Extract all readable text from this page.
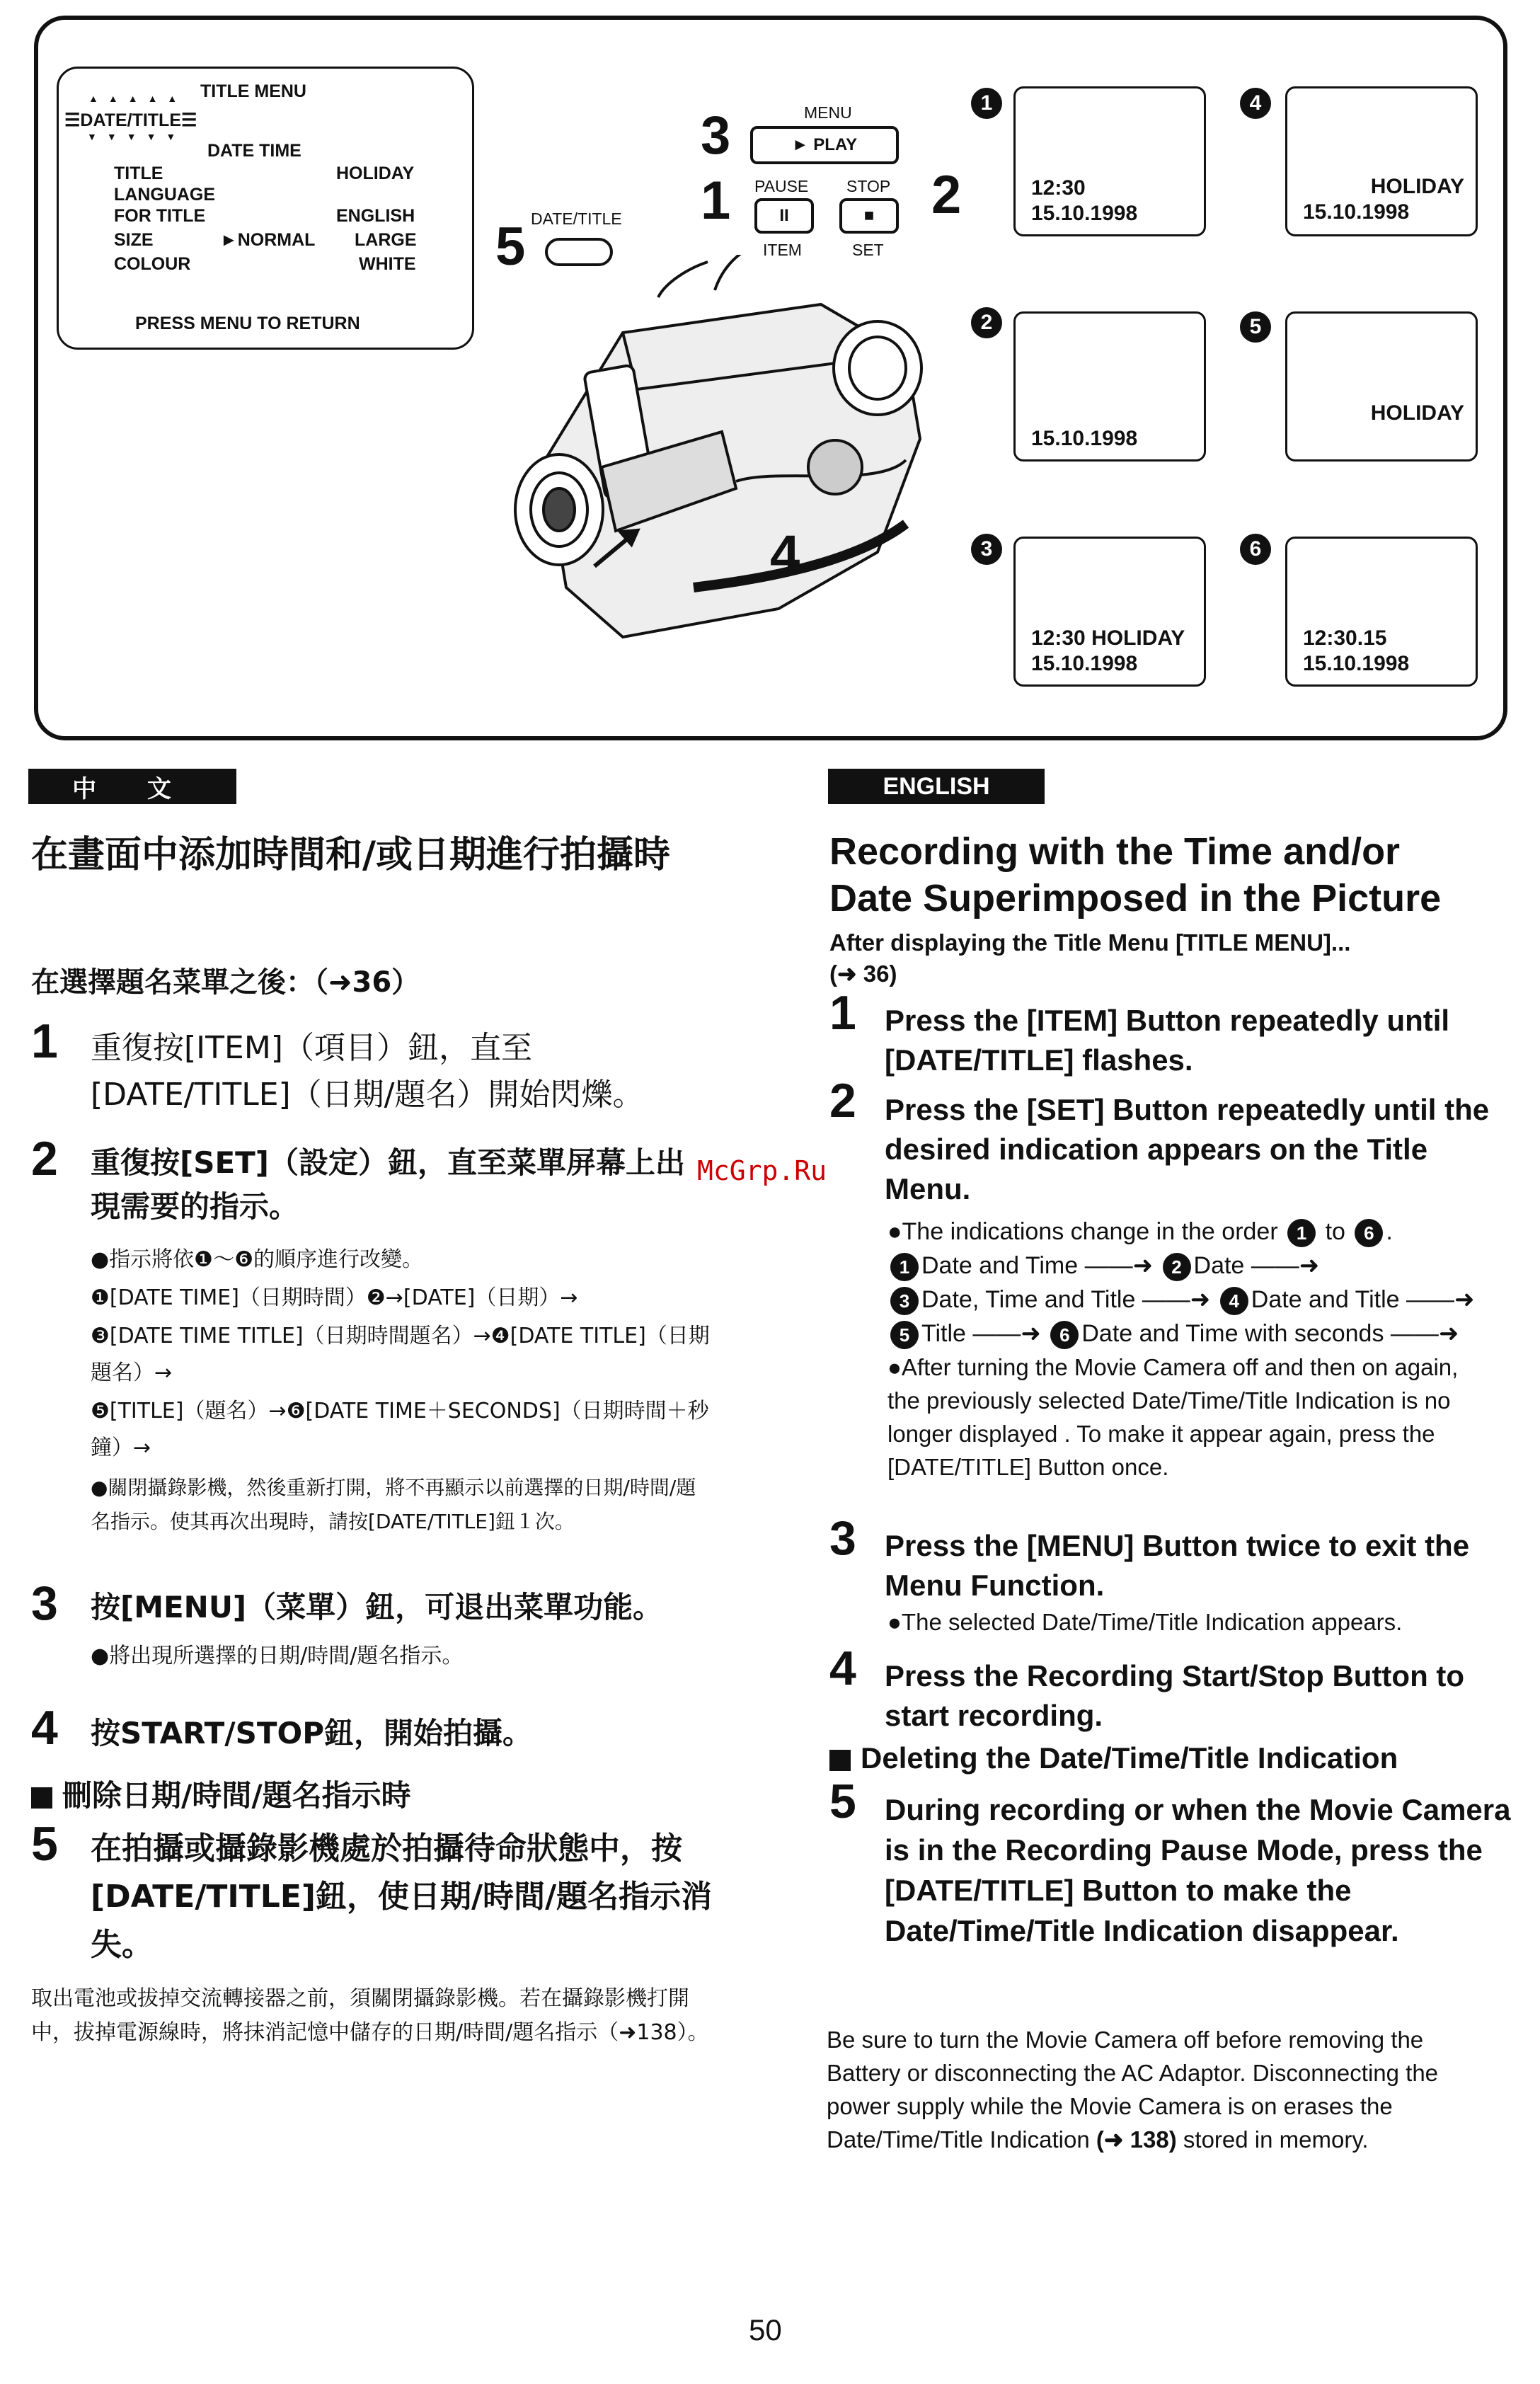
TITLE MENU
▲▲▲▲▲
☰DATE/TITLE☰
▼▼▼▼▼
DATE TIME
TITLE	HOLIDAY
LANGUAGE
FOR TITLE	ENGLISH
SIZE	►NORMAL LARGE
COLOUR	WHITE
PRESS MENU TO RETURN
5 DATE/TITLE
3	MENU
► PLAY
1 PAUSE
II
STOP
■	2
ITEM	SET
4
1
12:30
15.10.1998
2
15.10.1998
3
12:30 HOLIDAY
15.10.1998
4
HOLIDAY
15.10.1998
5
HOLIDAY
6
12:30.15
15.10.1998
中 文
在畫面中添加時間和/或日期進行拍攝時
在選擇題名菜單之後：（➜36）
1 重復按[ITEM]（項目）鈕，直至[DATE/TITLE]（日期/題名）開始閃爍。
2 重復按[SET]（設定）鈕，直至菜單屏幕上出現需要的指示。
●指示將依❶～❻的順序進行改變。
❶[DATE TIME]（日期時間）❷→[DATE]（日期）→
❸[DATE TIME TITLE]（日期時間題名）→❹[DATE TITLE]（日期題名）→
❺[TITLE]（題名）→❻[DATE TIME＋SECONDS]（日期時間＋秒鐘）→
●關閉攝錄影機，然後重新打開，將不再顯示以前選擇的日期/時間/題名指示。使其再次出現時，請按[DATE/TITLE]鈕１次。
3 按[MENU]（菜單）鈕，可退出菜單功能。
●將出現所選擇的日期/時間/題名指示。
4 按START/STOP鈕，開始拍攝。
刪除日期/時間/題名指示時
5 在拍攝或攝錄影機處於拍攝待命狀態中，按[DATE/TITLE]鈕，使日期/時間/題名指示消失。
取出電池或拔掉交流轉接器之前，須關閉攝錄影機。若在攝錄影機打開中，拔掉電源線時，將抹消記憶中儲存的日期/時間/題名指示（➜138）。
McGrp.Ru
ENGLISH
Recording with the Time and/or
Date Superimposed in the Picture
After displaying the Title Menu [TITLE MENU]...
(➜ 36)
1 Press the [ITEM] Button repeatedly until [DATE/TITLE] flashes.
2 Press the [SET] Button repeatedly until the desired indication appears on the Title Menu.
●The indications change in the order 1 to 6 .
1 Date and Time ——➜ 2 Date ——➜
3 Date, Time and Title ——➜ 4 Date and Title ——➜
5 Title ——➜ 6 Date and Time with seconds ——➜
●After turning the Movie Camera off and then on again, the previously selected Date/Time/Title Indication is no longer displayed . To make it appear again, press the [DATE/TITLE] Button once.
3 Press the [MENU] Button twice to exit the Menu Function.
●The selected Date/Time/Title Indication appears.
4 Press the Recording Start/Stop Button to start recording.
Deleting the Date/Time/Title Indication
5 During recording or when the Movie Camera is in the Recording Pause Mode, press the [DATE/TITLE] Button to make the Date/Time/Title Indication disappear.
Be sure to turn the Movie Camera off before removing the Battery or disconnecting the AC Adaptor. Disconnecting the power supply while the Movie Camera is on erases the Date/Time/Title Indication (➜ 138) stored in memory.
50
